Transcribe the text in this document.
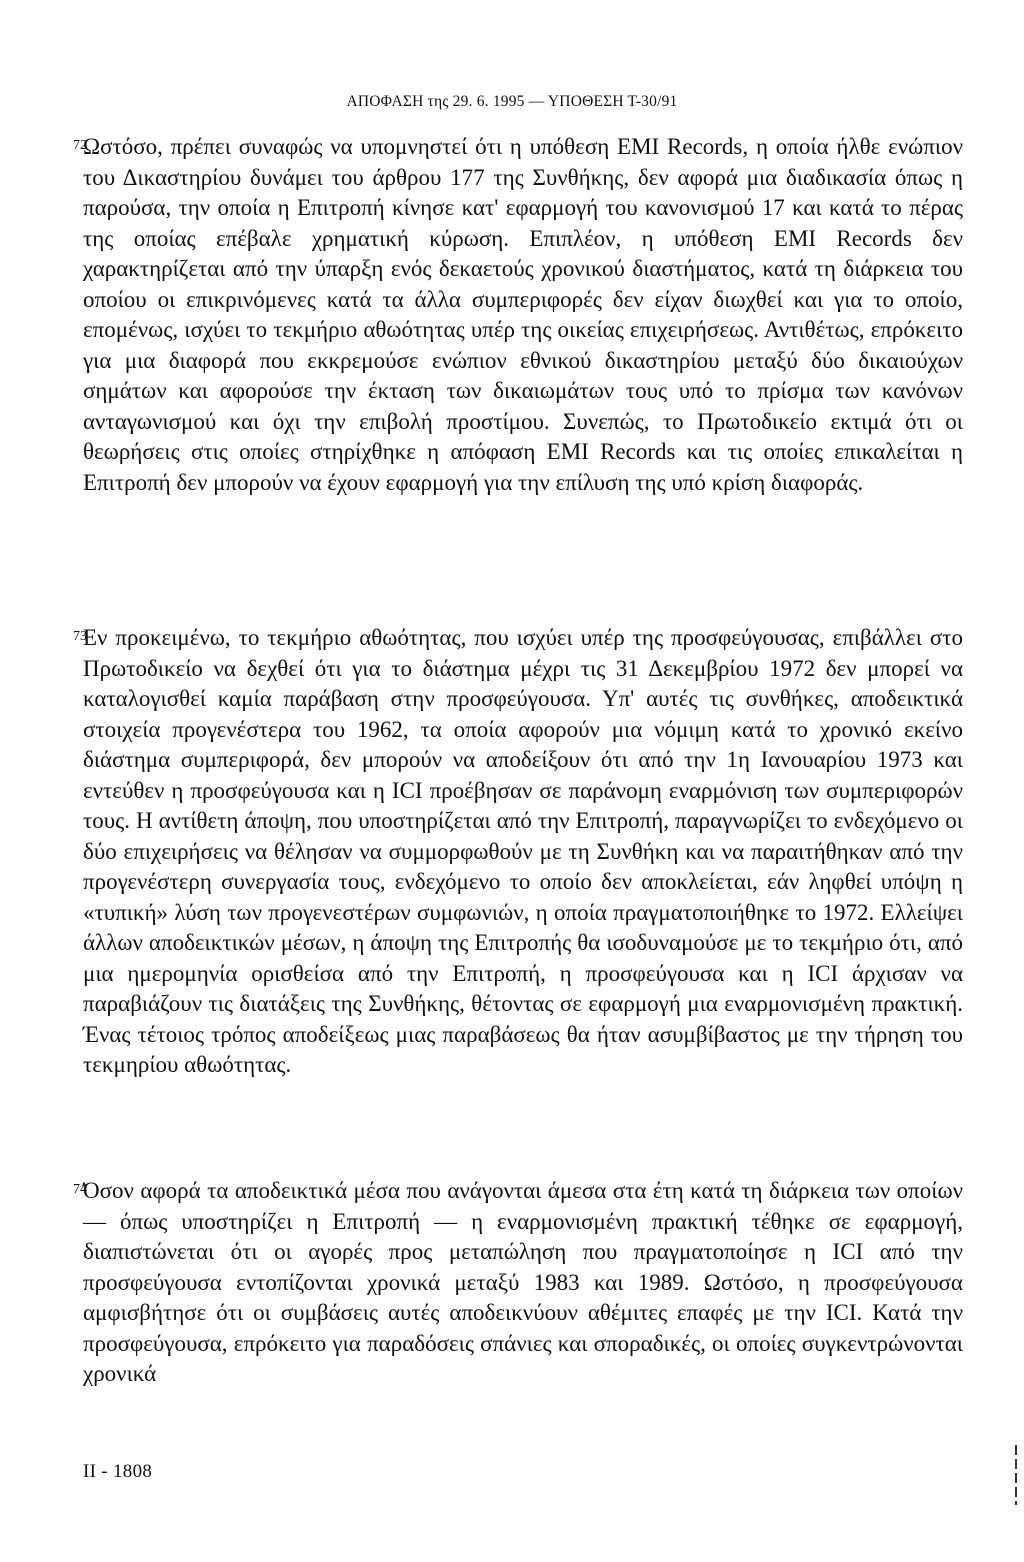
ΑΠΟΦΑΣΗ της 29. 6. 1995 — ΥΠΟΘΕΣΗ Τ-30/91
72

Ωστόσο, πρέπει συναφώς να υπομνηστεί ότι η υπόθεση EMI Records, η οποία ήλθε ενώπιον του Δικαστηρίου δυνάμει του άρθρου 177 της Συνθήκης, δεν αφορά μια διαδικασία όπως η παρούσα, την οποία η Επιτροπή κίνησε κατ' εφαρμογή του κανονισμού 17 και κατά το πέρας της οποίας επέβαλε χρηματική κύρωση. Επιπλέον, η υπόθεση EMI Records δεν χαρακτηρίζεται από την ύπαρξη ενός δεκαετούς χρονικού διαστήματος, κατά τη διάρκεια του οποίου οι επικρινόμενες κατά τα άλλα συμπεριφορές δεν είχαν διωχθεί και για το οποίο, επομένως, ισχύει το τεκμήριο αθωότητας υπέρ της οικείας επιχειρήσεως. Αντιθέτως, επρόκειτο για μια διαφορά που εκκρεμούσε ενώπιον εθνικού δικαστηρίου μεταξύ δύο δικαιούχων σημάτων και αφορούσε την έκταση των δικαιωμάτων τους υπό το πρίσμα των κανόνων ανταγωνισμού και όχι την επιβολή προστίμου. Συνεπώς, το Πρωτοδικείο εκτιμά ότι οι θεωρήσεις στις οποίες στηρίχθηκε η απόφαση EMI Records και τις οποίες επικαλείται η Επιτροπή δεν μπορούν να έχουν εφαρμογή για την επίλυση της υπό κρίση διαφοράς.

73

Εν προκειμένω, το τεκμήριο αθωότητας, που ισχύει υπέρ της προσφεύγουσας, επιβάλλει στο Πρωτοδικείο να δεχθεί ότι για το διάστημα μέχρι τις 31 Δεκεμβρίου 1972 δεν μπορεί να καταλογισθεί καμία παράβαση στην προσφεύγουσα. Υπ' αυτές τις συνθήκες, αποδεικτικά στοιχεία προγενέστερα του 1962, τα οποία αφορούν μια νόμιμη κατά το χρονικό εκείνο διάστημα συμπεριφορά, δεν μπορούν να αποδείξουν ότι από την 1η Ιανουαρίου 1973 και εντεύθεν η προσφεύγουσα και η ICI προέβησαν σε παράνομη εναρμόνιση των συμπεριφορών τους. Η αντίθετη άποψη, που υποστηρίζεται από την Επιτροπή, παραγνωρίζει το ενδεχόμενο οι δύο επιχειρήσεις να θέλησαν να συμμορφωθούν με τη Συνθήκη και να παραιτήθηκαν από την προγενέστερη συνεργασία τους, ενδεχόμενο το οποίο δεν αποκλείεται, εάν ληφθεί υπόψη η «τυπική» λύση των προγενεστέρων συμφωνιών, η οποία πραγματοποιήθηκε το 1972. Ελλείψει άλλων αποδεικτικών μέσων, η άποψη της Επιτροπής θα ισοδυναμούσε με το τεκμήριο ότι, από μια ημερομηνία ορισθείσα από την Επιτροπή, η προσφεύγουσα και η ICI άρχισαν να παραβιάζουν τις διατάξεις της Συνθήκης, θέτοντας σε εφαρμογή μια εναρμονισμένη πρακτική. Ένας τέτοιος τρόπος αποδείξεως μιας παραβάσεως θα ήταν ασυμβίβαστος με την τήρηση του τεκμηρίου αθωότητας.

74

Όσον αφορά τα αποδεικτικά μέσα που ανάγονται άμεσα στα έτη κατά τη διάρκεια των οποίων — όπως υποστηρίζει η Επιτροπή — η εναρμονισμένη πρακτική τέθηκε σε εφαρμογή, διαπιστώνεται ότι οι αγορές προς μεταπώληση που πραγματοποίησε η ICI από την προσφεύγουσα εντοπίζονται χρονικά μεταξύ 1983 και 1989. Ωστόσο, η προσφεύγουσα αμφισβήτησε ότι οι συμβάσεις αυτές αποδεικνύουν αθέμιτες επαφές με την ICI. Κατά την προσφεύγουσα, επρόκειτο για παραδόσεις σπάνιες και σποραδικές, οι οποίες συγκεντρώνονται χρονικά

II - 1808
